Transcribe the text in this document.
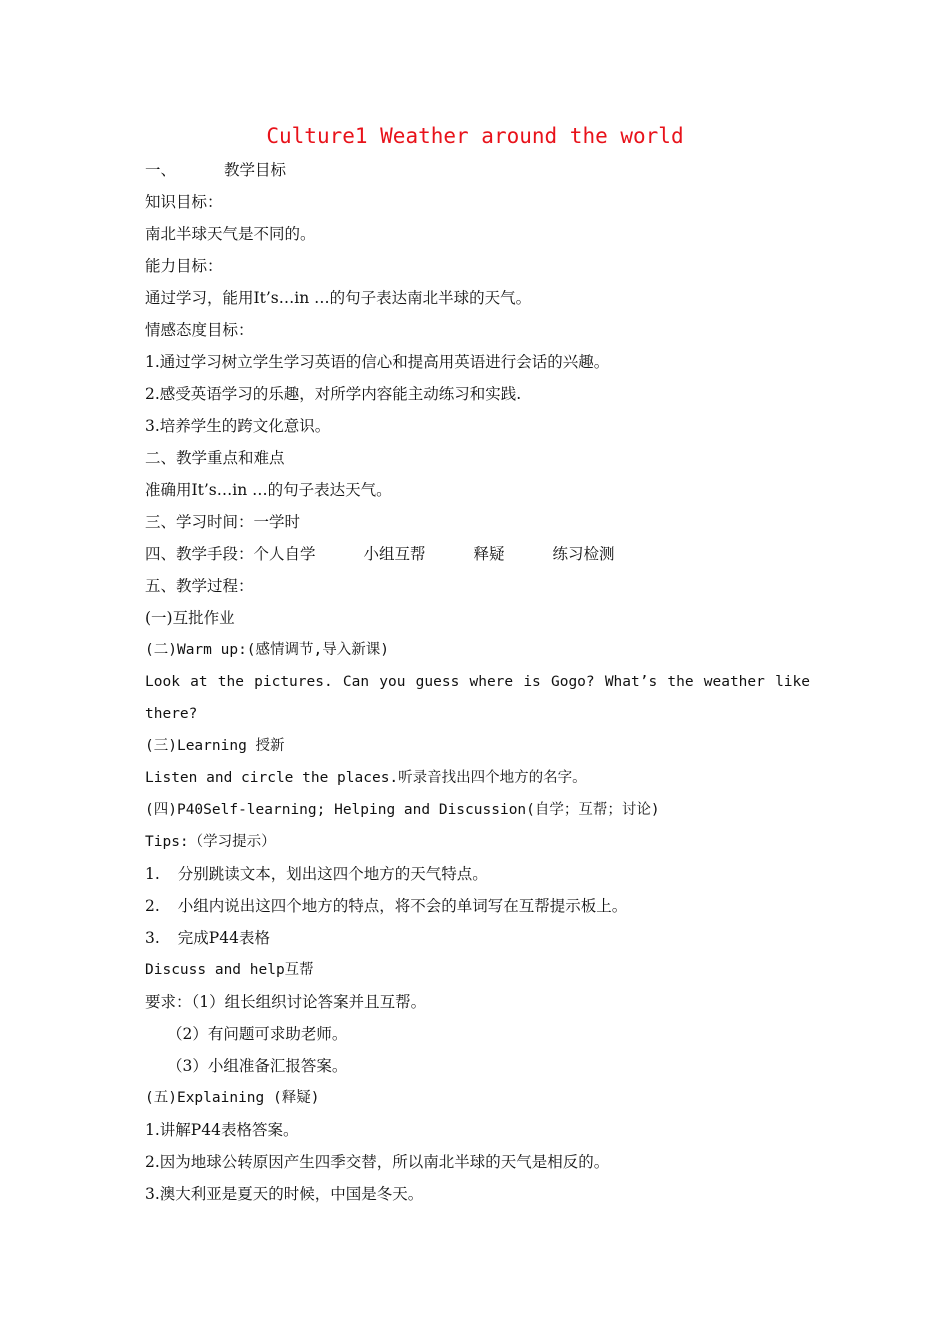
Culture1 Weather around the world
一、	教学目标
知识目标：
南北半球天气是不同的。
能力目标：
通过学习，能用It’s…in …的句子表达南北半球的天气。
情感态度目标：
1.通过学习树立学生学习英语的信心和提高用英语进行会话的兴趣。
2.感受英语学习的乐趣，对所学内容能主动练习和实践.
3.培养学生的跨文化意识。
二、教学重点和难点
准确用It’s…in …的句子表达天气。
三、学习时间：一学时
四、教学手段：个人自学	小组互帮	释疑	练习检测
五、教学过程：
(一)互批作业
(二)Warm up:(感情调节,导入新课)
Look at the pictures. Can you guess where is Gogo? What’s the weather like
there?
(三)Learning 授新
Listen and circle the places.听录音找出四个地方的名字。
(四)P40Self-learning; Helping and Discussion(自学；互帮；讨论)
Tips:（学习提示）
1. 分别跳读文本，划出这四个地方的天气特点。
2. 小组内说出这四个地方的特点，将不会的单词写在互帮提示板上。
3. 完成P44表格
Discuss and help互帮
要求：（1）组长组织讨论答案并且互帮。
（2）有问题可求助老师。
（3）小组准备汇报答案。
(五)Explaining (释疑)
1.讲解P44表格答案。
2.因为地球公转原因产生四季交替，所以南北半球的天气是相反的。
3.澳大利亚是夏天的时候，中国是冬天。
